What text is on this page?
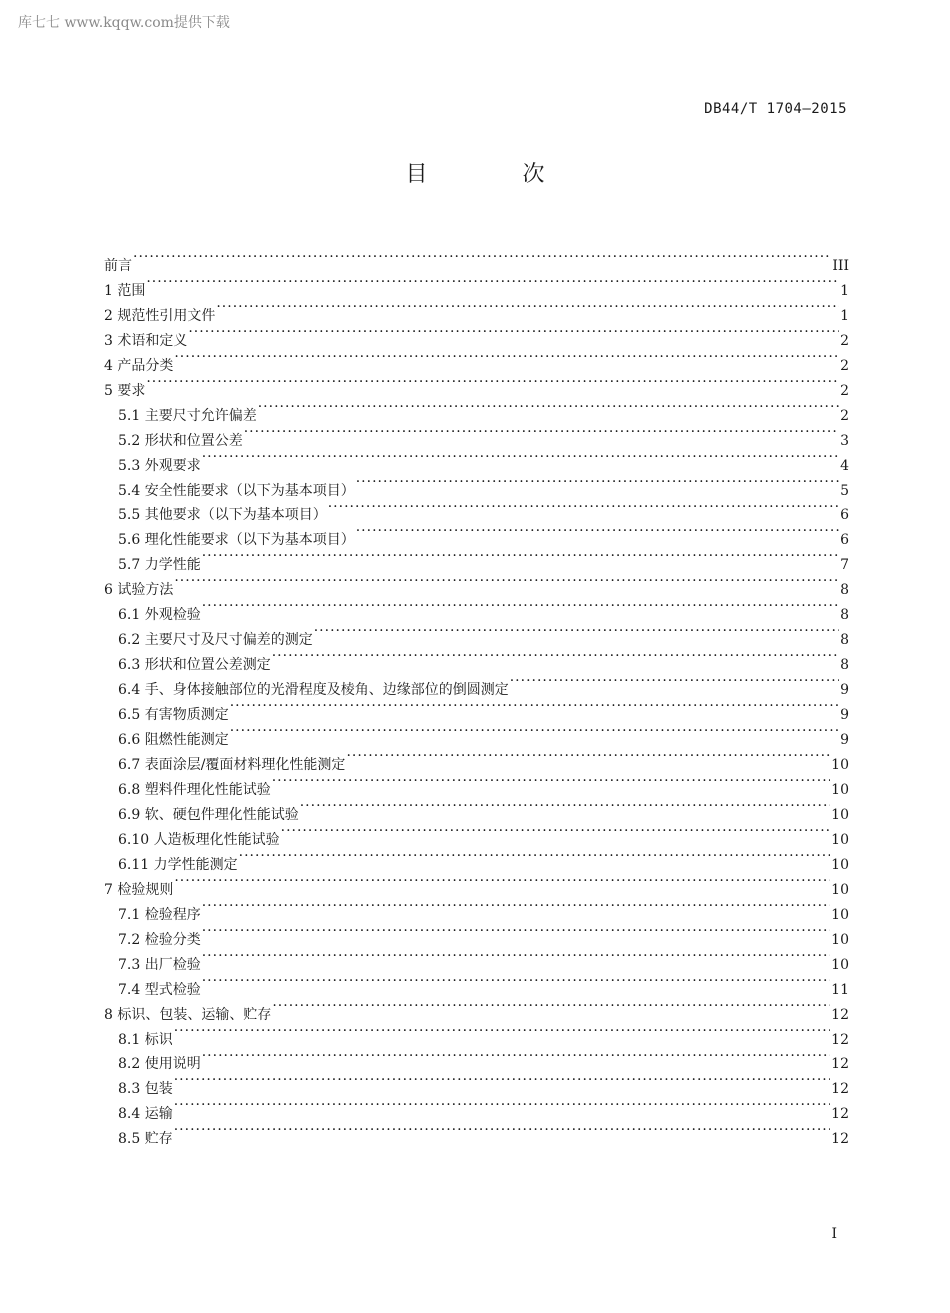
库七七 www.kqqw.com提供下载
DB44/T 1704—2015
目 次
前言 ·····	III
1 范围 ·····	1
2 规范性引用文件 ·····	1
3 术语和定义 ·····	2
4 产品分类 ·····	2
5 要求 ·····	2
5.1 主要尺寸允许偏差 ·····	2
5.2 形状和位置公差 ·····	3
5.3 外观要求 ·····	4
5.4 安全性能要求（以下为基本项目） ·····	5
5.5 其他要求（以下为基本项目） ·····	6
5.6 理化性能要求（以下为基本项目） ·····	6
5.7 力学性能 ·····	7
6 试验方法 ·····	8
6.1 外观检验 ·····	8
6.2 主要尺寸及尺寸偏差的测定 ·····	8
6.3 形状和位置公差测定 ·····	8
6.4 手、身体接触部位的光滑程度及棱角、边缘部位的倒圆测定 ·····	9
6.5 有害物质测定 ·····	9
6.6 阻燃性能测定 ·····	9
6.7 表面涂层/覆面材料理化性能测定 ·····	10
6.8 塑料件理化性能试验 ·····	10
6.9 软、硬包件理化性能试验 ·····	10
6.10 人造板理化性能试验 ·····	10
6.11 力学性能测定 ·····	10
7 检验规则 ·····	10
7.1 检验程序 ·····	10
7.2 检验分类 ·····	10
7.3 出厂检验 ·····	10
7.4 型式检验 ·····	11
8 标识、包装、运输、贮存 ·····	12
8.1 标识 ·····	12
8.2 使用说明 ·····	12
8.3 包装 ·····	12
8.4 运输 ·····	12
8.5 贮存 ·····	12
I
